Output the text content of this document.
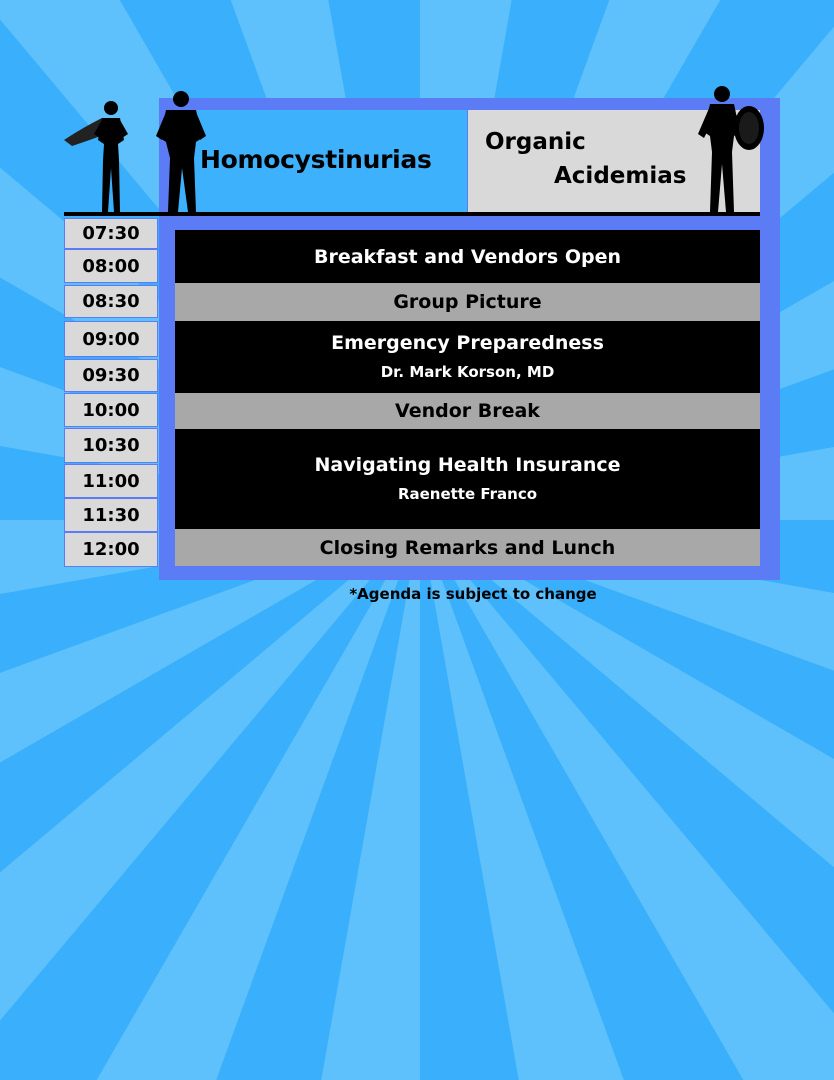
Homocystinurias
Organic
Acidemias
07:30
08:00
08:30
09:00
09:30
10:00
10:30
11:00
11:30
12:00
Breakfast and Vendors Open
Group Picture
Emergency Preparedness
Dr. Mark Korson, MD
Vendor Break
Navigating Health Insurance
Raenette Franco
Closing Remarks and Lunch
*Agenda is subject to change
